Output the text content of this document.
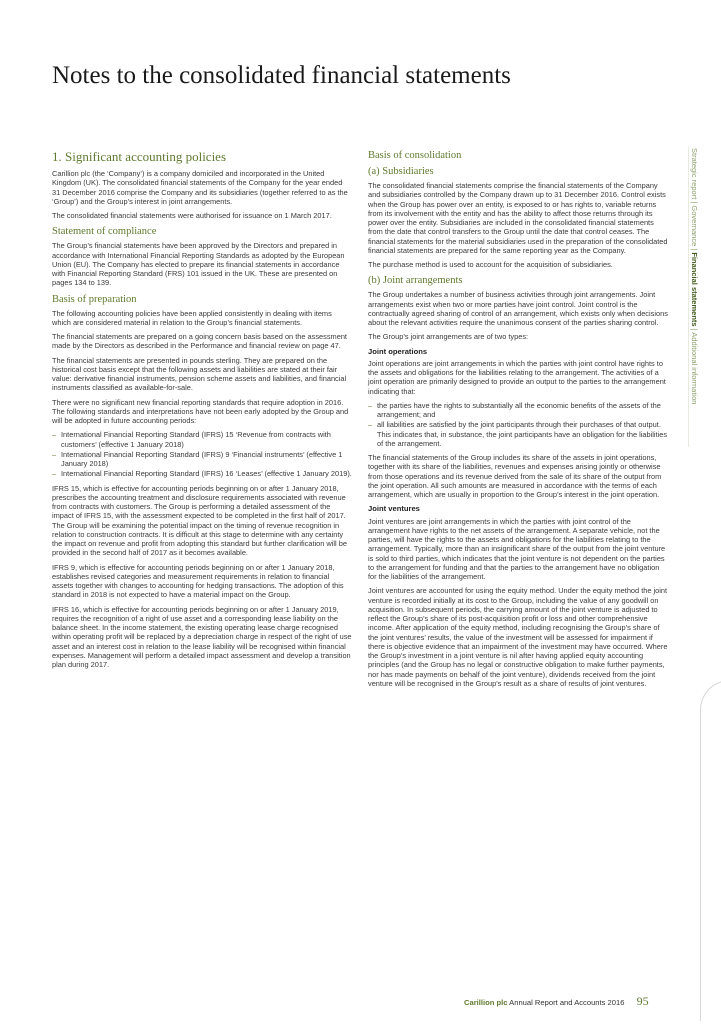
Notes to the consolidated financial statements
Strategic report | Governance | Financial statements | Additional information
1. Significant accounting policies

Carillion plc (the ‘Company’) is a company domiciled and incorporated in the United Kingdom (UK). The consolidated financial statements of the Company for the year ended 31 December 2016 comprise the Company and its subsidiaries (together referred to as the ‘Group’) and the Group’s interest in joint arrangements.

The consolidated financial statements were authorised for issuance on 1 March 2017.

Statement of compliance

The Group’s financial statements have been approved by the Directors and prepared in accordance with International Financial Reporting Standards as adopted by the European Union (EU). The Company has elected to prepare its financial statements in accordance with Financial Reporting Standard (FRS) 101 issued in the UK. These are presented on pages 134 to 139.

Basis of preparation

The following accounting policies have been applied consistently in dealing with items which are considered material in relation to the Group’s financial statements.

The financial statements are prepared on a going concern basis based on the assessment made by the Directors as described in the Performance and financial review on page 47.

The financial statements are presented in pounds sterling. They are prepared on the historical cost basis except that the following assets and liabilities are stated at their fair value: derivative financial instruments, pension scheme assets and liabilities, and financial instruments classified as available-for-sale.

There were no significant new financial reporting standards that require adoption in 2016. The following standards and interpretations have not been early adopted by the Group and will be adopted in future accounting periods:

– International Financial Reporting Standard (IFRS) 15 ‘Revenue from contracts with customers’ (effective 1 January 2018)
– International Financial Reporting Standard (IFRS) 9 ‘Financial instruments’ (effective 1 January 2018)
– International Financial Reporting Standard (IFRS) 16 ‘Leases’ (effective 1 January 2019).

IFRS 15, which is effective for accounting periods beginning on or after 1 January 2018, prescribes the accounting treatment and disclosure requirements associated with revenue from contracts with customers. The Group is performing a detailed assessment of the impact of IFRS 15, with the assessment expected to be completed in the first half of 2017. The Group will be examining the potential impact on the timing of revenue recognition in relation to construction contracts. It is difficult at this stage to determine with any certainty the impact on revenue and profit from adopting this standard but further clarification will be provided in the second half of 2017 as it becomes available.

IFRS 9, which is effective for accounting periods beginning on or after 1 January 2018, establishes revised categories and measurement requirements in relation to financial assets together with changes to accounting for hedging transactions. The adoption of this standard in 2018 is not expected to have a material impact on the Group.

IFRS 16, which is effective for accounting periods beginning on or after 1 January 2019, requires the recognition of a right of use asset and a corresponding lease liability on the balance sheet. In the income statement, the existing operating lease charge recognised within operating profit will be replaced by a depreciation charge in respect of the right of use asset and an interest cost in relation to the lease liability will be recognised within financial expenses. Management will perform a detailed impact assessment and develop a transition plan during 2017.

Basis of consolidation
(a) Subsidiaries

The consolidated financial statements comprise the financial statements of the Company and subsidiaries controlled by the Company drawn up to 31 December 2016. Control exists when the Group has power over an entity, is exposed to or has rights to, variable returns from its involvement with the entity and has the ability to affect those returns through its power over the entity. Subsidiaries are included in the consolidated financial statements from the date that control transfers to the Group until the date that control ceases. The financial statements for the material subsidiaries used in the preparation of the consolidated financial statements are prepared for the same reporting year as the Company.

The purchase method is used to account for the acquisition of subsidiaries.

(b) Joint arrangements

The Group undertakes a number of business activities through joint arrangements. Joint arrangements exist when two or more parties have joint control. Joint control is the contractually agreed sharing of control of an arrangement, which exists only when decisions about the relevant activities require the unanimous consent of the parties sharing control.

The Group’s joint arrangements are of two types:

Joint operations

Joint operations are joint arrangements in which the parties with joint control have rights to the assets and obligations for the liabilities relating to the arrangement. The activities of a joint operation are primarily designed to provide an output to the parties to the arrangement indicating that:

– the parties have the rights to substantially all the economic benefits of the assets of the arrangement; and
– all liabilities are satisfied by the joint participants through their purchases of that output. This indicates that, in substance, the joint participants have an obligation for the liabilities of the arrangement.

The financial statements of the Group includes its share of the assets in joint operations, together with its share of the liabilities, revenues and expenses arising jointly or otherwise from those operations and its revenue derived from the sale of its share of the output from the joint operation. All such amounts are measured in accordance with the terms of each arrangement, which are usually in proportion to the Group’s interest in the joint operation.

Joint ventures

Joint ventures are joint arrangements in which the parties with joint control of the arrangement have rights to the net assets of the arrangement. A separate vehicle, not the parties, will have the rights to the assets and obligations for the liabilities relating to the arrangement. Typically, more than an insignificant share of the output from the joint venture is sold to third parties, which indicates that the joint venture is not dependent on the parties to the arrangement for funding and that the parties to the arrangement have no obligation for the liabilities of the arrangement.

Joint ventures are accounted for using the equity method. Under the equity method the joint venture is recorded initially at its cost to the Group, including the value of any goodwill on acquisition. In subsequent periods, the carrying amount of the joint venture is adjusted to reflect the Group’s share of its post-acquisition profit or loss and other comprehensive income. After application of the equity method, including recognising the Group’s share of the joint ventures’ results, the value of the investment will be assessed for impairment if there is objective evidence that an impairment of the investment may have occurred. Where the Group’s investment in a joint venture is nil after having applied equity accounting principles (and the Group has no legal or constructive obligation to make further payments, nor has made payments on behalf of the joint venture), dividends received from the joint venture will be recognised in the Group’s result as a share of results of joint ventures.

Carillion plc Annual Report and Accounts 2016 95
